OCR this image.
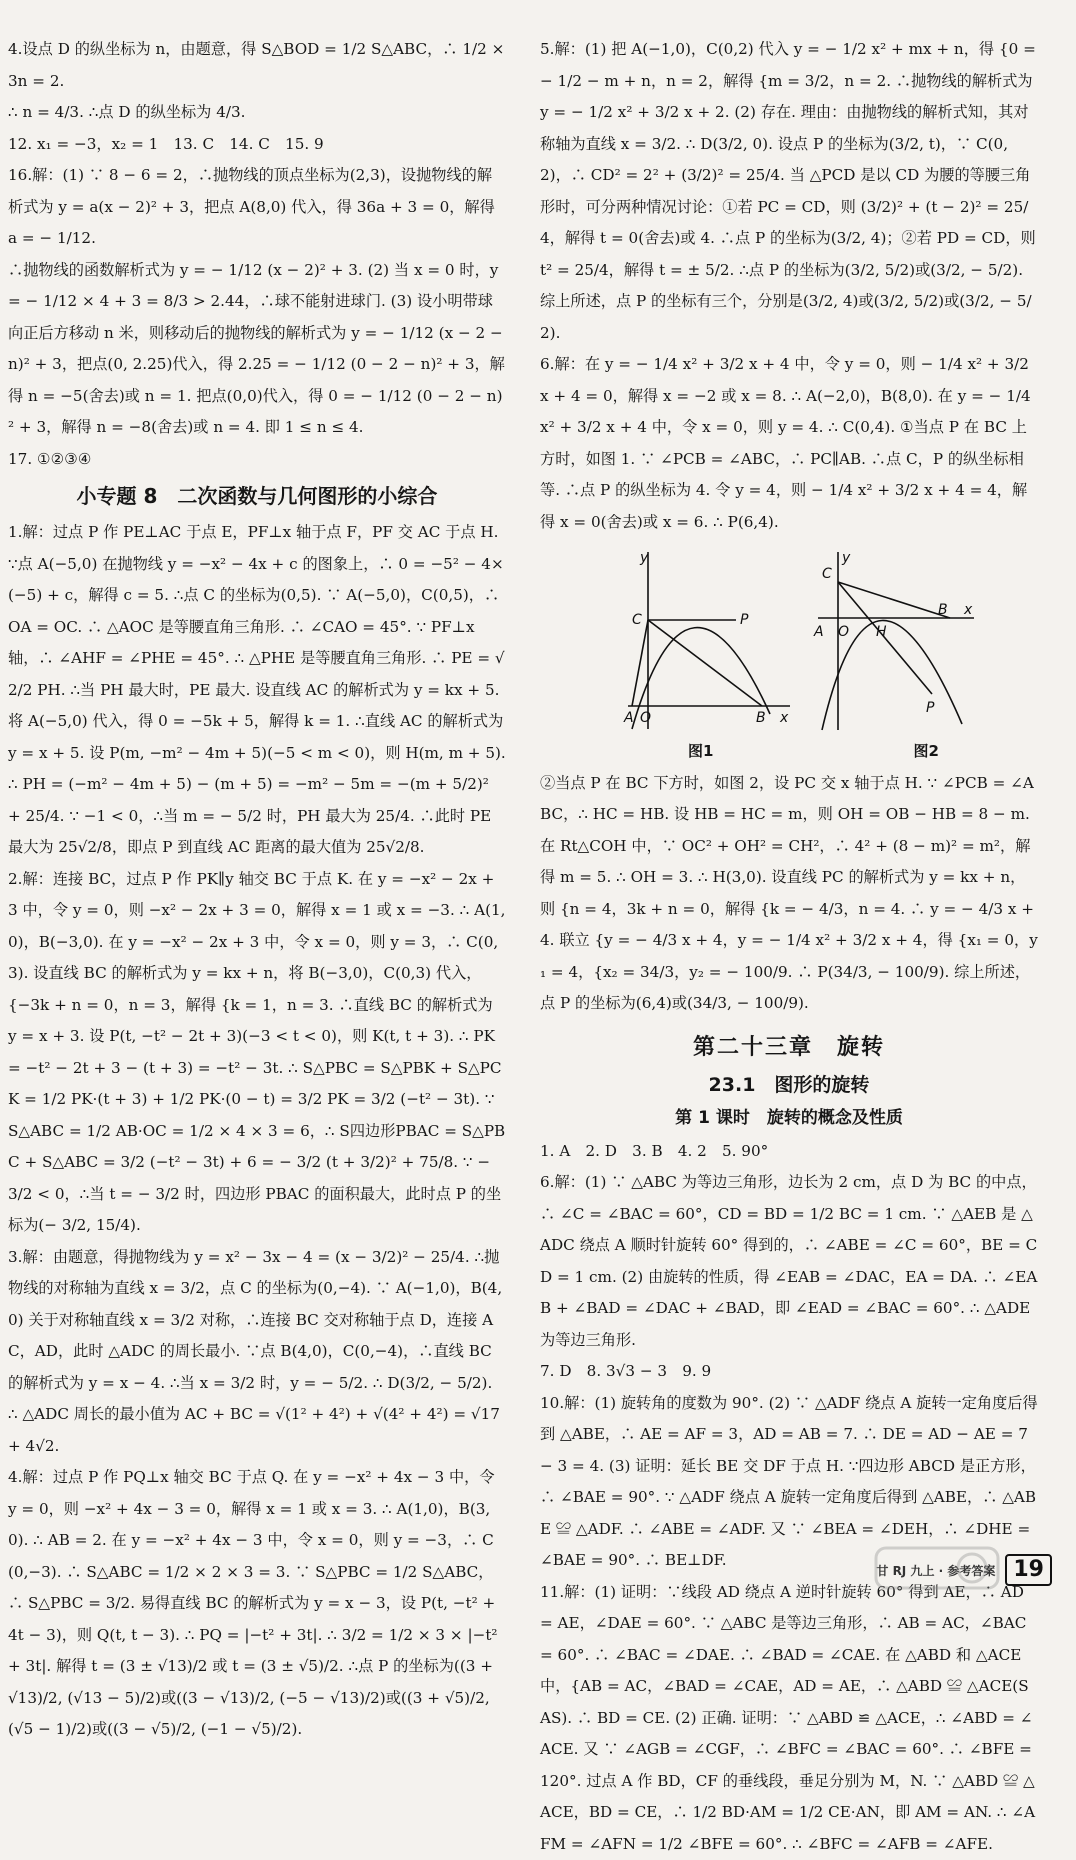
4.设点 D 的纵坐标为 n，由题意，得 S△BOD = 1/2 S△ABC，∴ 1/2 × 3n = 2.

∴ n = 4/3. ∴点 D 的纵坐标为 4/3.

12. x₁ = −3，x₂ = 1　13. C　14. C　15. 9

16.解：(1) ∵ 8 − 6 = 2，∴抛物线的顶点坐标为(2,3)，设抛物线的解析式为 y = a(x − 2)² + 3，把点 A(8,0) 代入，得 36a + 3 = 0，解得 a = − 1/12.

∴抛物线的函数解析式为 y = − 1/12 (x − 2)² + 3. (2) 当 x = 0 时，y = − 1/12 × 4 + 3 = 8/3 > 2.44，∴球不能射进球门. (3) 设小明带球向正后方移动 n 米，则移动后的抛物线的解析式为 y = − 1/12 (x − 2 − n)² + 3，把点(0, 2.25)代入，得 2.25 = − 1/12 (0 − 2 − n)² + 3，解得 n = −5(舍去)或 n = 1. 把点(0,0)代入，得 0 = − 1/12 (0 − 2 − n)² + 3，解得 n = −8(舍去)或 n = 4. 即 1 ≤ n ≤ 4.

17. ①②③④

小专题 8　二次函数与几何图形的小综合

1.解：过点 P 作 PE⊥AC 于点 E，PF⊥x 轴于点 F，PF 交 AC 于点 H. ∵点 A(−5,0) 在抛物线 y = −x² − 4x + c 的图象上，∴ 0 = −5² − 4×(−5) + c，解得 c = 5. ∴点 C 的坐标为(0,5). ∵ A(−5,0)，C(0,5)，∴ OA = OC. ∴ △AOC 是等腰直角三角形. ∴ ∠CAO = 45°. ∵ PF⊥x 轴，∴ ∠AHF = ∠PHE = 45°. ∴ △PHE 是等腰直角三角形. ∴ PE = √2/2 PH. ∴当 PH 最大时，PE 最大. 设直线 AC 的解析式为 y = kx + 5. 将 A(−5,0) 代入，得 0 = −5k + 5，解得 k = 1. ∴直线 AC 的解析式为 y = x + 5. 设 P(m, −m² − 4m + 5)(−5 < m < 0)，则 H(m, m + 5). ∴ PH = (−m² − 4m + 5) − (m + 5) = −m² − 5m = −(m + 5/2)² + 25/4. ∵ −1 < 0，∴当 m = − 5/2 时，PH 最大为 25/4. ∴此时 PE 最大为 25√2/8，即点 P 到直线 AC 距离的最大值为 25√2/8.

2.解：连接 BC，过点 P 作 PK∥y 轴交 BC 于点 K. 在 y = −x² − 2x + 3 中，令 y = 0，则 −x² − 2x + 3 = 0，解得 x = 1 或 x = −3. ∴ A(1,0)，B(−3,0). 在 y = −x² − 2x + 3 中，令 x = 0，则 y = 3，∴ C(0,3). 设直线 BC 的解析式为 y = kx + n，将 B(−3,0)，C(0,3) 代入，{−3k + n = 0，n = 3，解得 {k = 1，n = 3. ∴直线 BC 的解析式为 y = x + 3. 设 P(t, −t² − 2t + 3)(−3 < t < 0)，则 K(t, t + 3). ∴ PK = −t² − 2t + 3 − (t + 3) = −t² − 3t. ∴ S△PBC = S△PBK + S△PCK = 1/2 PK·(t + 3) + 1/2 PK·(0 − t) = 3/2 PK = 3/2 (−t² − 3t). ∵ S△ABC = 1/2 AB·OC = 1/2 × 4 × 3 = 6，∴ S四边形PBAC = S△PBC + S△ABC = 3/2 (−t² − 3t) + 6 = − 3/2 (t + 3/2)² + 75/8. ∵ − 3/2 < 0，∴当 t = − 3/2 时，四边形 PBAC 的面积最大，此时点 P 的坐标为(− 3/2, 15/4).

3.解：由题意，得抛物线为 y = x² − 3x − 4 = (x − 3/2)² − 25/4. ∴抛物线的对称轴为直线 x = 3/2，点 C 的坐标为(0,−4). ∵ A(−1,0)，B(4,0) 关于对称轴直线 x = 3/2 对称，∴连接 BC 交对称轴于点 D，连接 AC，AD，此时 △ADC 的周长最小. ∵点 B(4,0)，C(0,−4)，∴直线 BC 的解析式为 y = x − 4. ∴当 x = 3/2 时，y = − 5/2. ∴ D(3/2, − 5/2). ∴ △ADC 周长的最小值为 AC + BC = √(1² + 4²) + √(4² + 4²) = √17 + 4√2.

4.解：过点 P 作 PQ⊥x 轴交 BC 于点 Q. 在 y = −x² + 4x − 3 中，令 y = 0，则 −x² + 4x − 3 = 0，解得 x = 1 或 x = 3. ∴ A(1,0)，B(3,0). ∴ AB = 2. 在 y = −x² + 4x − 3 中，令 x = 0，则 y = −3，∴ C(0,−3). ∴ S△ABC = 1/2 × 2 × 3 = 3. ∵ S△PBC = 1/2 S△ABC，∴ S△PBC = 3/2. 易得直线 BC 的解析式为 y = x − 3，设 P(t, −t² + 4t − 3)，则 Q(t, t − 3). ∴ PQ = |−t² + 3t|. ∴ 3/2 = 1/2 × 3 × |−t² + 3t|. 解得 t = (3 ± √13)/2 或 t = (3 ± √5)/2. ∴点 P 的坐标为((3 + √13)/2, (√13 − 5)/2)或((3 − √13)/2, (−5 − √13)/2)或((3 + √5)/2, (√5 − 1)/2)或((3 − √5)/2, (−1 − √5)/2).

5.解：(1) 把 A(−1,0)，C(0,2) 代入 y = − 1/2 x² + mx + n，得 {0 = − 1/2 − m + n，n = 2，解得 {m = 3/2，n = 2. ∴抛物线的解析式为 y = − 1/2 x² + 3/2 x + 2. (2) 存在. 理由：由抛物线的解析式知，其对称轴为直线 x = 3/2. ∴ D(3/2, 0). 设点 P 的坐标为(3/2, t)，∵ C(0,2)，∴ CD² = 2² + (3/2)² = 25/4. 当 △PCD 是以 CD 为腰的等腰三角形时，可分两种情况讨论：①若 PC = CD，则 (3/2)² + (t − 2)² = 25/4，解得 t = 0(舍去)或 4. ∴点 P 的坐标为(3/2, 4)；②若 PD = CD，则 t² = 25/4，解得 t = ± 5/2. ∴点 P 的坐标为(3/2, 5/2)或(3/2, − 5/2). 综上所述，点 P 的坐标有三个，分别是(3/2, 4)或(3/2, 5/2)或(3/2, − 5/2).

6.解：在 y = − 1/4 x² + 3/2 x + 4 中，令 y = 0，则 − 1/4 x² + 3/2 x + 4 = 0，解得 x = −2 或 x = 8. ∴ A(−2,0)，B(8,0). 在 y = − 1/4 x² + 3/2 x + 4 中，令 x = 0，则 y = 4. ∴ C(0,4). ①当点 P 在 BC 上方时，如图 1. ∵ ∠PCB = ∠ABC，∴ PC∥AB. ∴点 C，P 的纵坐标相等. ∴点 P 的纵坐标为 4. 令 y = 4，则 − 1/4 x² + 3/2 x + 4 = 4，解得 x = 0(舍去)或 x = 6. ∴ P(6,4).

y
C	P
A O	B x
y
C
A O H
B x
P
图1	图2

②当点 P 在 BC 下方时，如图 2，设 PC 交 x 轴于点 H. ∵ ∠PCB = ∠ABC，∴ HC = HB. 设 HB = HC = m，则 OH = OB − HB = 8 − m. 在 Rt△COH 中，∵ OC² + OH² = CH²，∴ 4² + (8 − m)² = m²，解得 m = 5. ∴ OH = 3. ∴ H(3,0). 设直线 PC 的解析式为 y = kx + n，则 {n = 4，3k + n = 0，解得 {k = − 4/3，n = 4. ∴ y = − 4/3 x + 4. 联立 {y = − 4/3 x + 4，y = − 1/4 x² + 3/2 x + 4，得 {x₁ = 0，y₁ = 4，{x₂ = 34/3，y₂ = − 100/9. ∴ P(34/3, − 100/9). 综上所述，点 P 的坐标为(6,4)或(34/3, − 100/9).

第二十三章　旋转
23.1　图形的旋转
第 1 课时　旋转的概念及性质

1. A　2. D　3. B　4. 2　5. 90°

6.解：(1) ∵ △ABC 为等边三角形，边长为 2 cm，点 D 为 BC 的中点，∴ ∠C = ∠BAC = 60°，CD = BD = 1/2 BC = 1 cm. ∵ △AEB 是 △ADC 绕点 A 顺时针旋转 60° 得到的，∴ ∠ABE = ∠C = 60°，BE = CD = 1 cm. (2) 由旋转的性质，得 ∠EAB = ∠DAC，EA = DA. ∴ ∠EAB + ∠BAD = ∠DAC + ∠BAD，即 ∠EAD = ∠BAC = 60°. ∴ △ADE 为等边三角形.

7. D　8. 3√3 − 3　9. 9

10.解：(1) 旋转角的度数为 90°. (2) ∵ △ADF 绕点 A 旋转一定角度后得到 △ABE，∴ AE = AF = 3，AD = AB = 7. ∴ DE = AD − AE = 7 − 3 = 4. (3) 证明：延长 BE 交 DF 于点 H. ∵四边形 ABCD 是正方形，∴ ∠BAE = 90°. ∵ △ADF 绕点 A 旋转一定角度后得到 △ABE，∴ △ABE ≌ △ADF. ∴ ∠ABE = ∠ADF. 又 ∵ ∠BEA = ∠DEH，∴ ∠DHE = ∠BAE = 90°. ∴ BE⊥DF.

11.解：(1) 证明：∵线段 AD 绕点 A 逆时针旋转 60° 得到 AE，∴ AD = AE，∠DAE = 60°. ∵ △ABC 是等边三角形，∴ AB = AC，∠BAC = 60°. ∴ ∠BAC = ∠DAE. ∴ ∠BAD = ∠CAE. 在 △ABD 和 △ACE 中，{AB = AC，∠BAD = ∠CAE，AD = AE，∴ △ABD ≌ △ACE(SAS). ∴ BD = CE. (2) 正确. 证明：∵ △ABD ≌ △ACE，∴ ∠ABD = ∠ACE. 又 ∵ ∠AGB = ∠CGF，∴ ∠BFC = ∠BAC = 60°. ∴ ∠BFE = 120°. 过点 A 作 BD，CF 的垂线段，垂足分别为 M，N. ∵ △ABD ≌ △ACE，BD = CE，∴ 1/2 BD·AM = 1/2 CE·AN，即 AM = AN. ∴ ∠AFM = ∠AFN = 1/2 ∠BFE = 60°. ∴ ∠BFC = ∠AFB = ∠AFE.

甘 RJ 九上 · 参考答案 19
